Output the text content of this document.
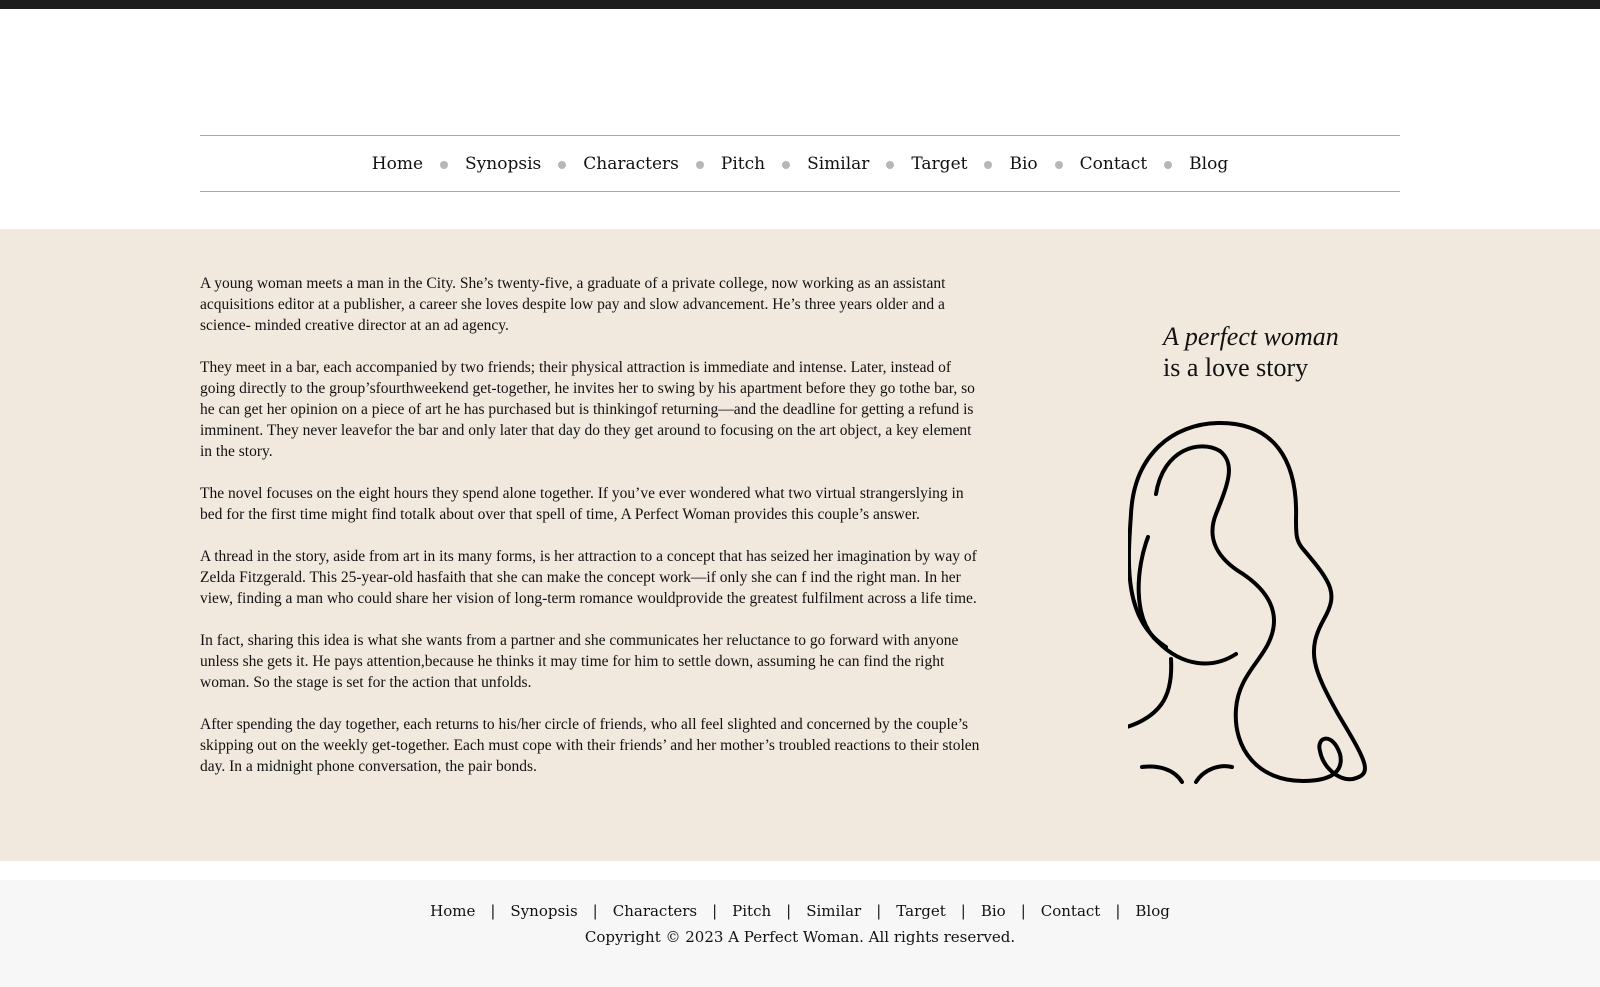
Home Synopsis Characters Pitch Similar Target Bio Contact Blog

A young woman meets a man in the City. She’s twenty-five, a graduate of a private college, now working as an assistant acquisitions editor at a publisher, a career she loves despite low pay and slow advancement. He’s three years older and a science- minded creative director at an ad agency.

They meet in a bar, each accompanied by two friends; their physical attraction is immediate and intense. Later, instead of going directly to the group’sfourthweekend get-together, he invites her to swing by his apartment before they go tothe bar, so he can get her opinion on a piece of art he has purchased but is thinkingof returning—and the deadline for getting a refund is imminent. They never leavefor the bar and only later that day do they get around to focusing on the art object, a key element in the story.

The novel focuses on the eight hours they spend alone together. If you’ve ever wondered what two virtual strangerslying in bed for the first time might find totalk about over that spell of time, A Perfect Woman provides this couple’s answer.

A thread in the story, aside from art in its many forms, is her attraction to a concept that has seized her imagination by way of Zelda Fitzgerald. This 25-year-old hasfaith that she can make the concept work—if only she can f ind the right man. In her view, finding a man who could share her vision of long-term romance wouldprovide the greatest fulfilment across a life time.

In fact, sharing this idea is what she wants from a partner and she communicates her reluctance to go forward with anyone unless she gets it. He pays attention,because he thinks it may time for him to settle down, assuming he can find the right woman. So the stage is set for the action that unfolds.

After spending the day together, each returns to his/her circle of friends, who all feel slighted and concerned by the couple’s skipping out on the weekly get-together. Each must cope with their friends’ and her mother’s troubled reactions to their stolen day. In a midnight phone conversation, the pair bonds.

A perfect woman
is a love story
Home | Synopsis | Characters | Pitch | Similar | Target | Bio | Contact | Blog
Copyright © 2023 A Perfect Woman. All rights reserved.
